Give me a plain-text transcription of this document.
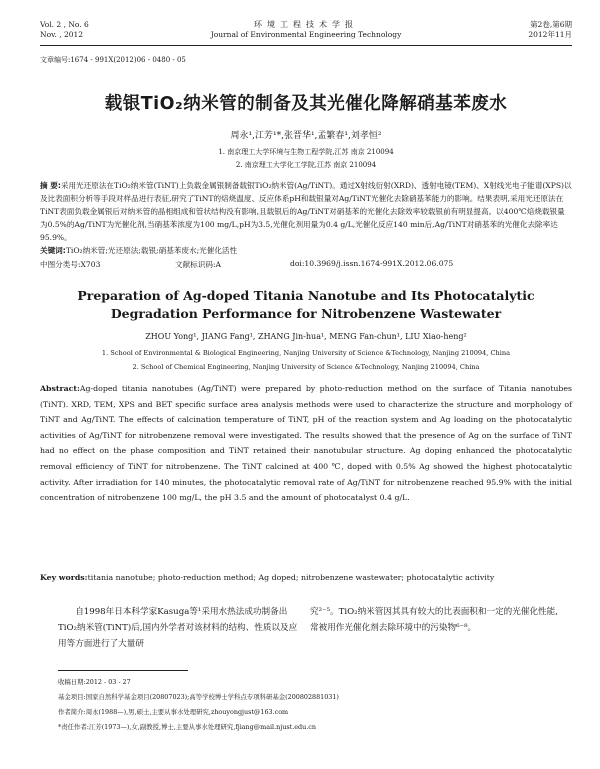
Vol. 2 , No. 6
Nov. , 2012
环境工程技术学报
Journal of Environmental Engineering Technology
第2卷,第6期
2012年11月
文章编号:1674 - 991X(2012)06 - 0480 - 05
载银TiO₂纳米管的制备及其光催化降解硝基苯废水
周永¹,江芳¹*,张晋华¹,孟繁春¹,刘孝恒²
1. 南京理工大学环境与生物工程学院,江苏 南京 210094
2. 南京理工大学化工学院,江苏 南京 210094
摘 要:采用光还原法在TiO₂纳米管(TiNT)上负载金属银制备载银TiO₂纳米管(Ag/TiNT)。通过X射线衍射(XRD)、透射电镜(TEM)、X射线光电子能谱(XPS)以及比表面积分析等手段对样品进行表征,研究了TiNT的焙烧温度、反应体系pH和载银量对Ag/TiNT光催化去除硝基苯能力的影响。结果表明,采用光还原法在TiNT表面负载金属银后对纳米管的晶相组成和管状结构没有影响,且载银后的Ag/TiNT对硝基苯的光催化去除效率较载银前有明显提高。以400℃焙烧载银量为0.5%的Ag/TiNT为光催化剂,当硝基苯浓度为100 mg/L,pH为3.5,光催化剂用量为0.4 g/L,光催化反应140 min后,Ag/TiNT对硝基苯的光催化去除率达95.9%。
关键词:TiO₂纳米管;光还原法;载银;硝基苯废水;光催化活性
中图分类号:X703	文献标识码:A	doi:10.3969/j.issn.1674-991X.2012.06.075
Preparation of Ag-doped Titania Nanotube and Its Photocatalytic Degradation Performance for Nitrobenzene Wastewater
ZHOU Yong¹, JIANG Fang¹, ZHANG Jin-hua¹, MENG Fan-chun¹, LIU Xiao-heng²
1. School of Environmental & Biological Engineering, Nanjing University of Science &Technology, Nanjing 210094, China
2. School of Chemical Engineering, Nanjing University of Science &Technology, Nanjing 210094, China
Abstract:Ag-doped titania nanotubes (Ag/TiNT) were prepared by photo-reduction method on the surface of Titania nanotubes (TiNT). XRD, TEM, XPS and BET specific surface area analysis methods were used to characterize the structure and morphology of TiNT and Ag/TiNT. The effects of calcination temperature of TiNT, pH of the reaction system and Ag loading on the photocatalytic activities of Ag/TiNT for nitrobenzene removal were investigated. The results showed that the presence of Ag on the surface of TiNT had no effect on the phase composition and TiNT retained their nanotubular structure. Ag doping enhanced the photocatalytic removal efficiency of TiNT for nitrobenzene. The TiNT calcined at 400 ℃, doped with 0.5% Ag showed the highest photocatalytic activity. After irradiation for 140 minutes, the photocatalytic removal rate of Ag/TiNT for nitrobenzene reached 95.9% with the initial concentration of nitrobenzene 100 mg/L, the pH 3.5 and the amount of photocatalyst 0.4 g/L.
Key words:titania nanotube; photo-reduction method; Ag doped; nitrobenzene wastewater; photocatalytic activity
自1998年日本科学家Kasuga等¹采用水热法成功制备出TiO₂纳米管(TiNT)后,国内外学者对该材料的结构、性质以及应用等方面进行了大量研
究²⁻⁵。TiO₂纳米管因其具有较大的比表面积和一定的光催化性能,常被用作光催化剂去除环境中的污染物⁶⁻⁸。
收稿日期:2012 - 03 - 27
基金项目:国家自然科学基金项目(20807023);高等学校博士学科点专项科研基金(200802881031)
作者简介:周永(1988—),男,硕士,主要从事水处理研究,zhouyongjust@163.com
*责任作者:江芳(1973—),女,副教授,博士,主要从事水处理研究,fjiang@mail.njust.edu.cn
